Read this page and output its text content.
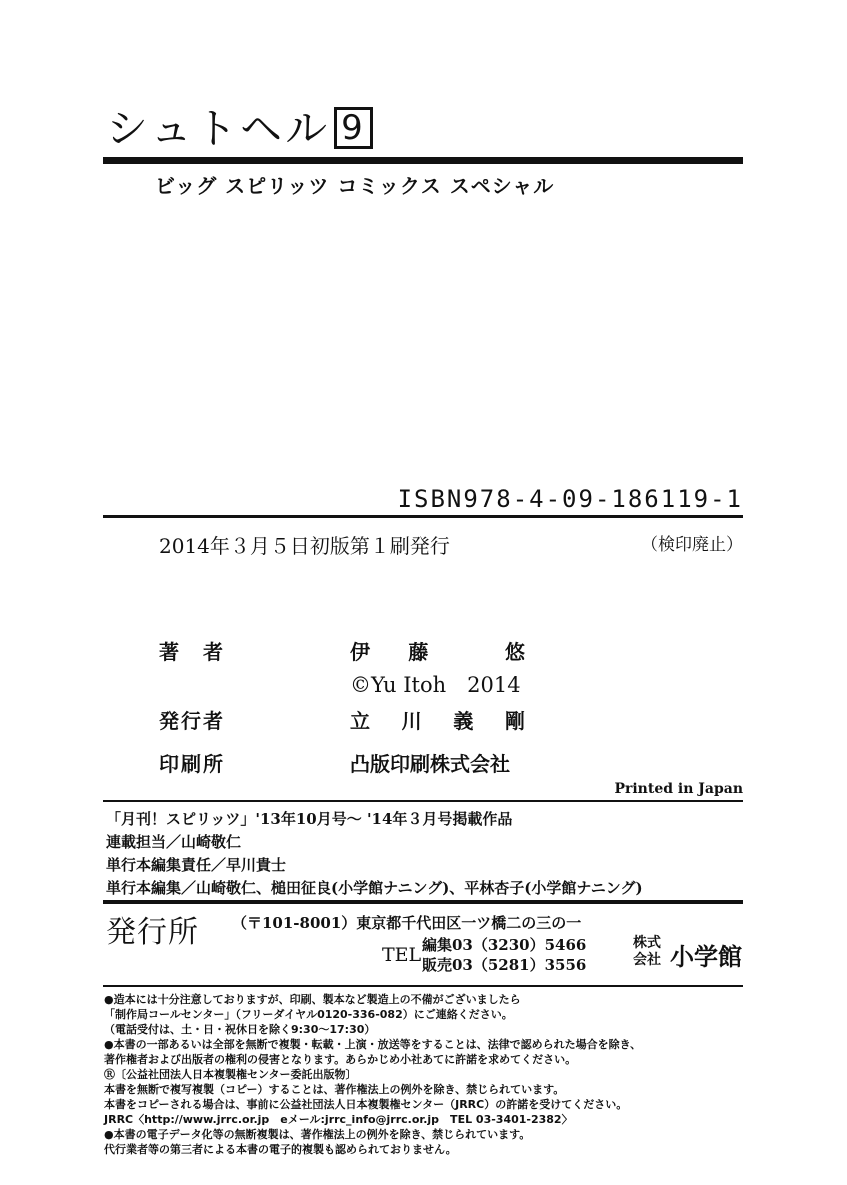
シュトヘル 9
ビッグ スピリッツ コミックス スペシャル
ISBN978-4-09-186119-1
2014年３月５日初版第１刷発行	（検印廃止）
著　者	伊 藤	悠
©Yu Itoh　2014
発行者	立 川 義 剛
印刷所	凸版印刷株式会社
Printed in Japan
「月刊！スピリッツ」'13年10月号〜 '14年３月号掲載作品
連載担当／山崎敬仁
単行本編集責任／早川貴士
単行本編集／山崎敬仁、槌田征良(小学館ナニング)、平林杏子(小学館ナニング)
発行所 （〒101-8001）東京都千代田区一ツ橋二の三の一
TEL 編集03（3230）5466
販売03（5281）3556
株式
会社 小学館
●造本には十分注意しておりますが、印刷、製本など製造上の不備がございましたら
「制作局コールセンター」（フリーダイヤル0120-336-082）にご連絡ください。
（電話受付は、土・日・祝休日を除く9:30〜17:30）
●本書の一部あるいは全部を無断で複製・転載・上演・放送等をすることは、法律で認められた場合を除き、
著作権者および出版者の権利の侵害となります。あらかじめ小社あてに許諾を求めてください。
Ⓡ〔公益社団法人日本複製権センター委託出版物〕
本書を無断で複写複製（コピー）することは、著作権法上の例外を除き、禁じられています。
本書をコピーされる場合は、事前に公益社団法人日本複製権センター（JRRC）の許諾を受けてください。
JRRC〈http://www.jrrc.or.jp　eメール:jrrc_info@jrrc.or.jp　TEL 03-3401-2382〉
●本書の電子データ化等の無断複製は、著作権法上の例外を除き、禁じられています。
代行業者等の第三者による本書の電子的複製も認められておりません。
